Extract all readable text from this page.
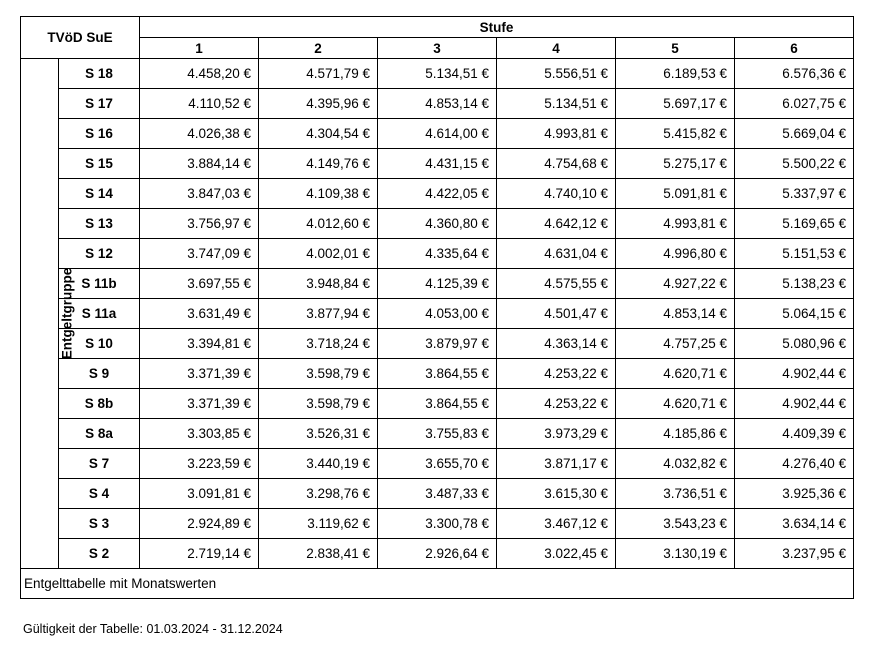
TVöD SuE		Stufe					
		1	2	3	4	5	6
Entgeltgruppe	S 18	4.458,20 €	4.571,79 €	5.134,51 €	5.556,51 €	6.189,53 €	6.576,36 €
	S 17	4.110,52 €	4.395,96 €	4.853,14 €	5.134,51 €	5.697,17 €	6.027,75 €
	S 16	4.026,38 €	4.304,54 €	4.614,00 €	4.993,81 €	5.415,82 €	5.669,04 €
	S 15	3.884,14 €	4.149,76 €	4.431,15 €	4.754,68 €	5.275,17 €	5.500,22 €
	S 14	3.847,03 €	4.109,38 €	4.422,05 €	4.740,10 €	5.091,81 €	5.337,97 €
	S 13	3.756,97 €	4.012,60 €	4.360,80 €	4.642,12 €	4.993,81 €	5.169,65 €
	S 12	3.747,09 €	4.002,01 €	4.335,64 €	4.631,04 €	4.996,80 €	5.151,53 €
	S 11b	3.697,55 €	3.948,84 €	4.125,39 €	4.575,55 €	4.927,22 €	5.138,23 €
	S 11a	3.631,49 €	3.877,94 €	4.053,00 €	4.501,47 €	4.853,14 €	5.064,15 €
	S 10	3.394,81 €	3.718,24 €	3.879,97 €	4.363,14 €	4.757,25 €	5.080,96 €
	S 9	3.371,39 €	3.598,79 €	3.864,55 €	4.253,22 €	4.620,71 €	4.902,44 €
	S 8b	3.371,39 €	3.598,79 €	3.864,55 €	4.253,22 €	4.620,71 €	4.902,44 €
	S 8a	3.303,85 €	3.526,31 €	3.755,83 €	3.973,29 €	4.185,86 €	4.409,39 €
	S 7	3.223,59 €	3.440,19 €	3.655,70 €	3.871,17 €	4.032,82 €	4.276,40 €
	S 4	3.091,81 €	3.298,76 €	3.487,33 €	3.615,30 €	3.736,51 €	3.925,36 €
	S 3	2.924,89 €	3.119,62 €	3.300,78 €	3.467,12 €	3.543,23 €	3.634,14 €
	S 2	2.719,14 €	2.838,41 €	2.926,64 €	3.022,45 €	3.130,19 €	3.237,95 €
Entgelttabelle mit Monatswerten							
Gültigkeit der Tabelle: 01.03.2024 - 31.12.2024
